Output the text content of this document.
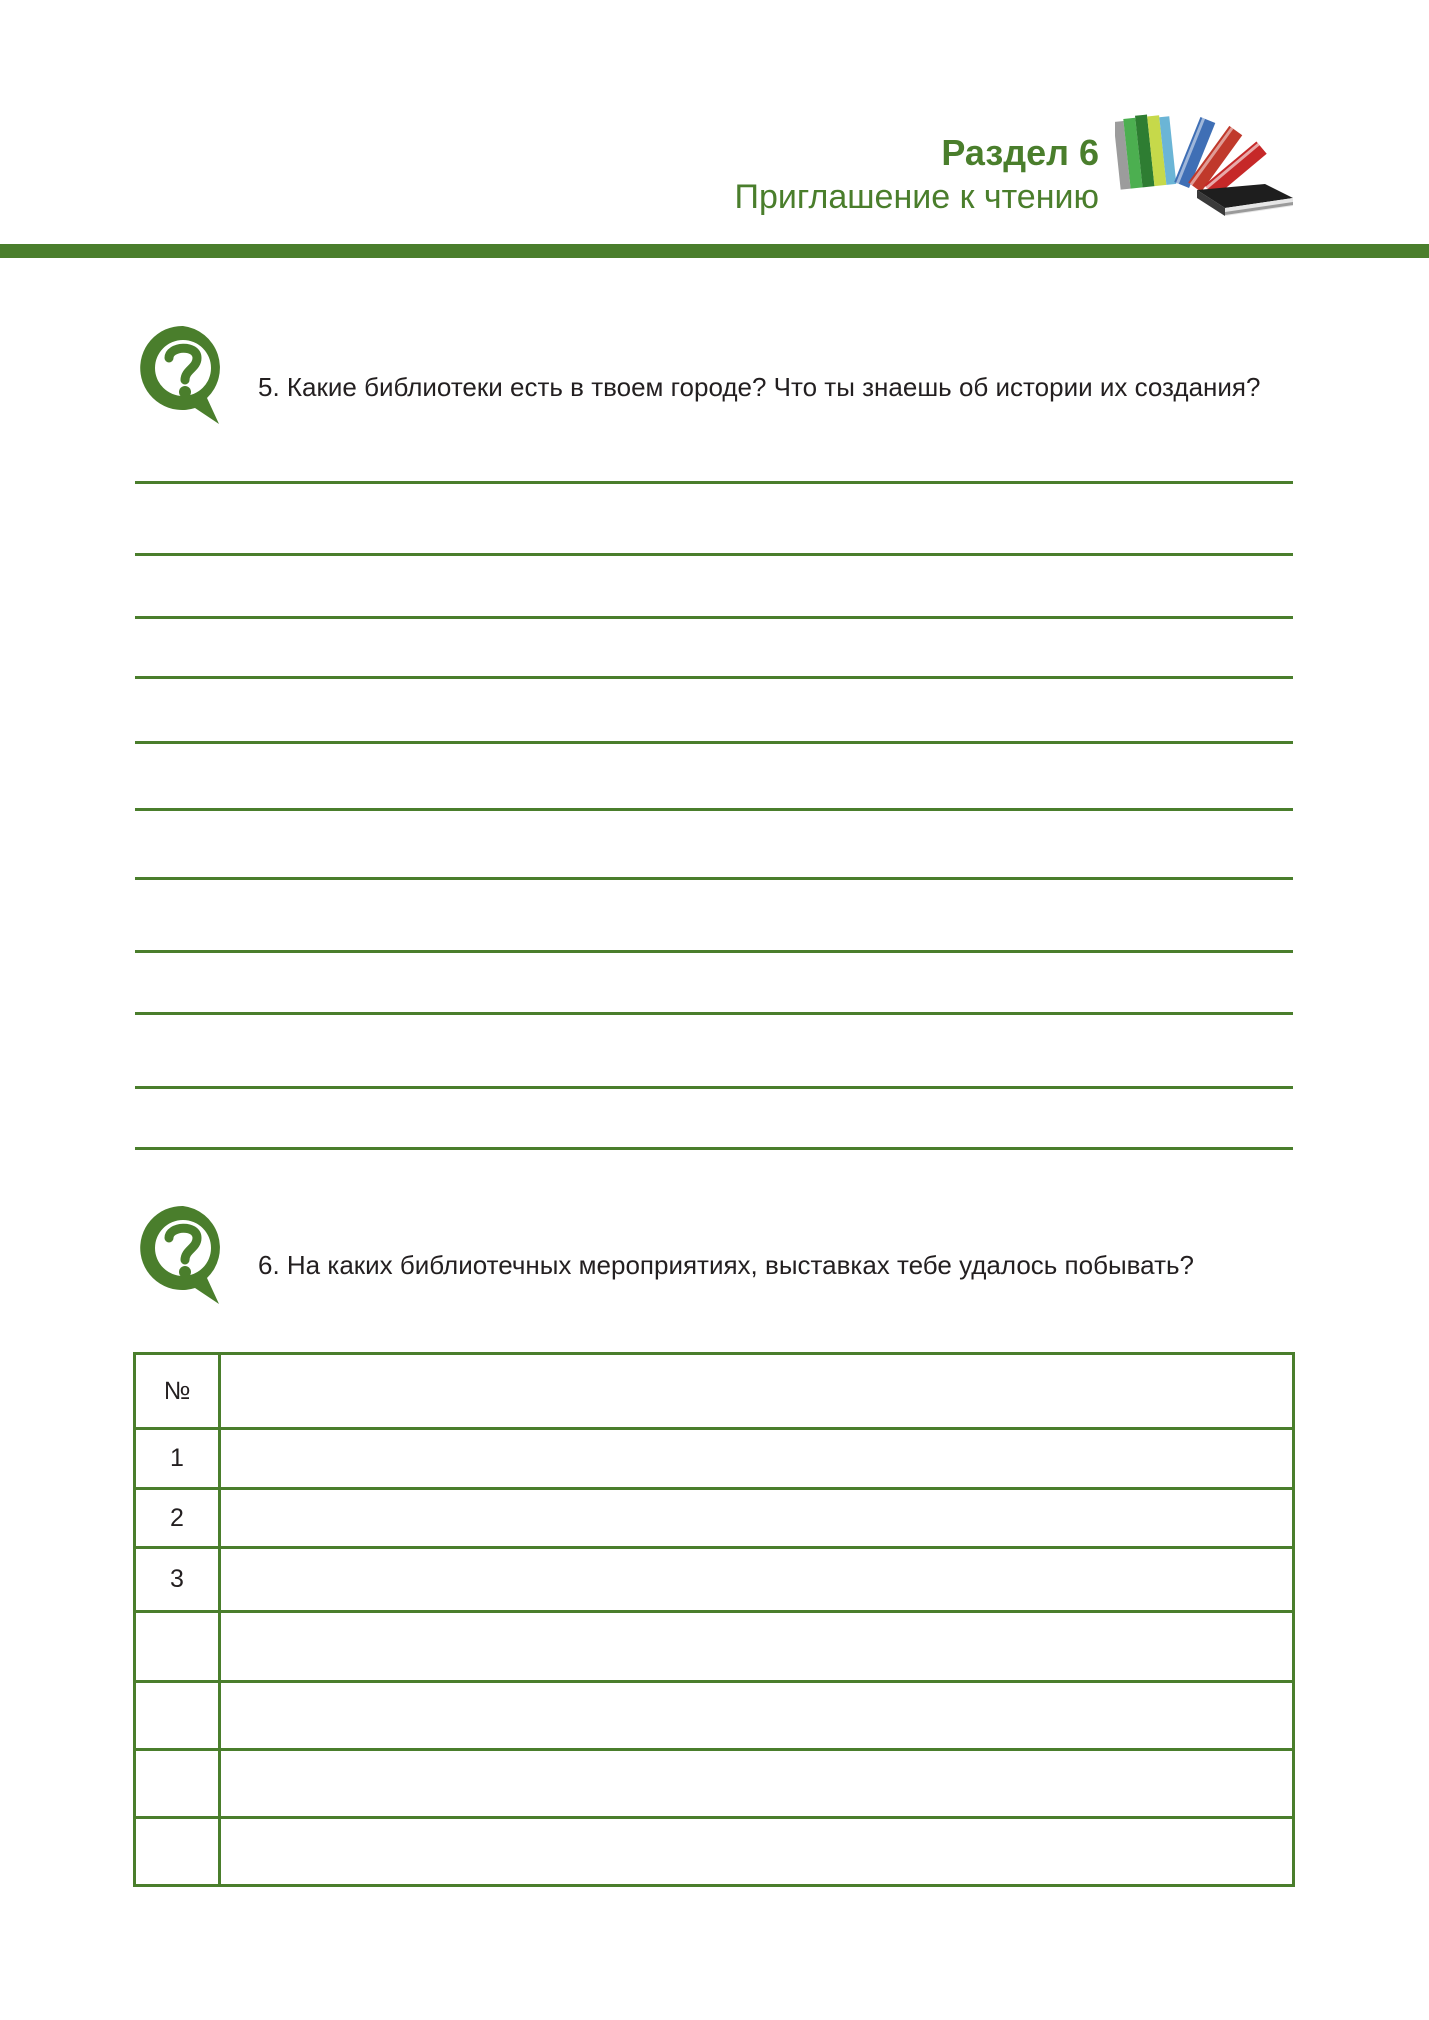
Раздел 6
Приглашение к чтению
5. Какие библиотеки есть в твоем городе? Что ты знаешь об истории их создания?
6. На каких библиотечных мероприятиях, выставках тебе удалось побывать?
№	
1	
2	
3	
